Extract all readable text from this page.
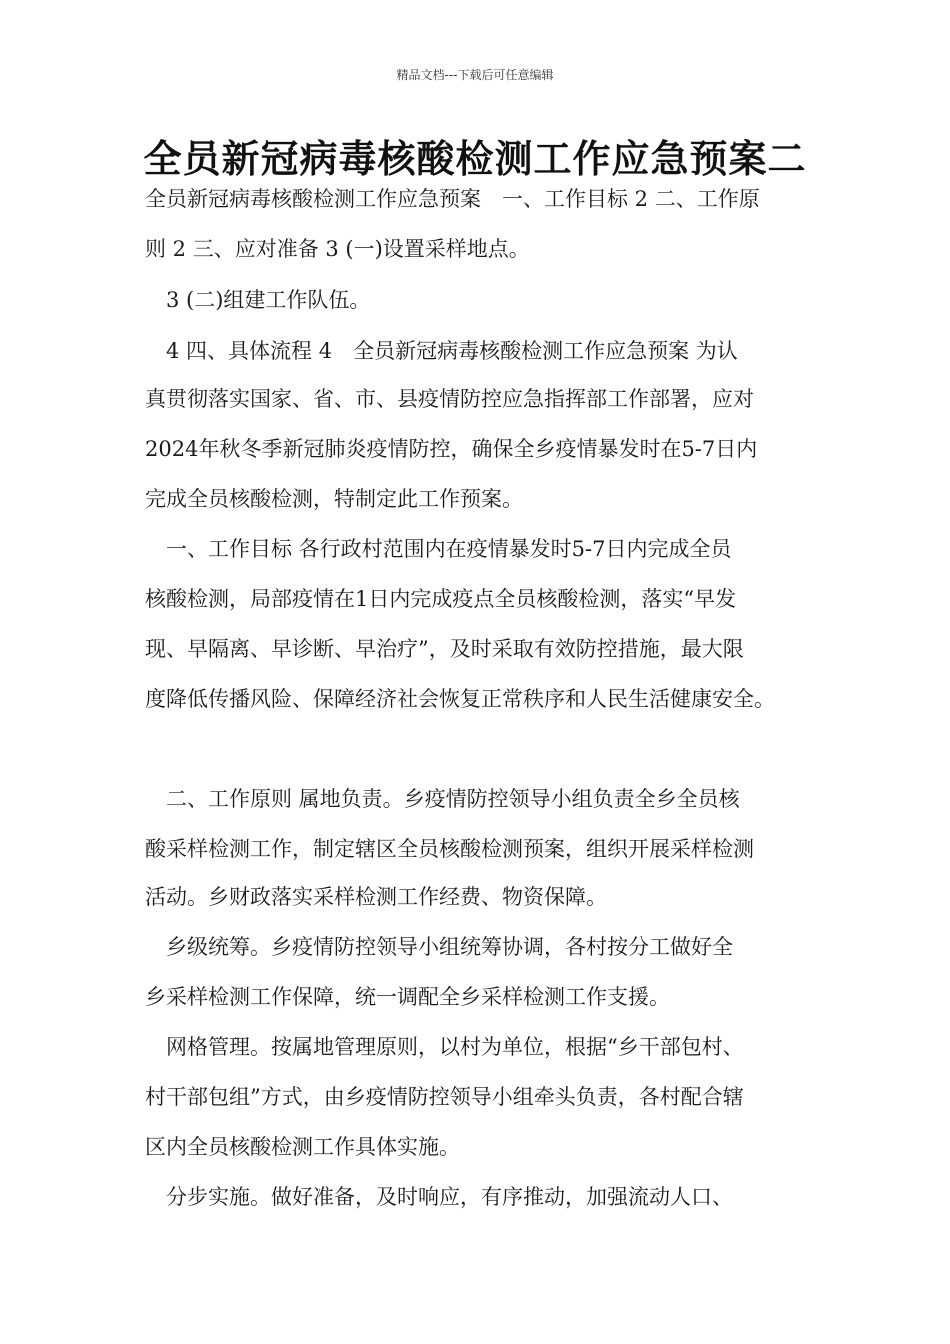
精品文档---下载后可任意编辑
全员新冠病毒核酸检测工作应急预案二
全员新冠病毒核酸检测工作应急预案　一、工作目标 2 二、工作原
则 2 三、应对准备 3 (一)设置采样地点。
　3 (二)组建工作队伍。
　4 四、具体流程 4　全员新冠病毒核酸检测工作应急预案 为认
真贯彻落实国家、省、市、县疫情防控应急指挥部工作部署，应对
2024年秋冬季新冠肺炎疫情防控，确保全乡疫情暴发时在5-7日内
完成全员核酸检测，特制定此工作预案。
　一、工作目标 各行政村范围内在疫情暴发时5-7日内完成全员
核酸检测，局部疫情在1日内完成疫点全员核酸检测，落实“早发
现、早隔离、早诊断、早治疗”，及时采取有效防控措施，最大限
度降低传播风险、保障经济社会恢复正常秩序和人民生活健康安全。
　二、工作原则 属地负责。乡疫情防控领导小组负责全乡全员核
酸采样检测工作，制定辖区全员核酸检测预案，组织开展采样检测
活动。乡财政落实采样检测工作经费、物资保障。
　乡级统筹。乡疫情防控领导小组统筹协调，各村按分工做好全
乡采样检测工作保障，统一调配全乡采样检测工作支援。
　网格管理。按属地管理原则，以村为单位，根据“乡干部包村、
村干部包组”方式，由乡疫情防控领导小组牵头负责，各村配合辖
区内全员核酸检测工作具体实施。
　分步实施。做好准备，及时响应，有序推动，加强流动人口、
